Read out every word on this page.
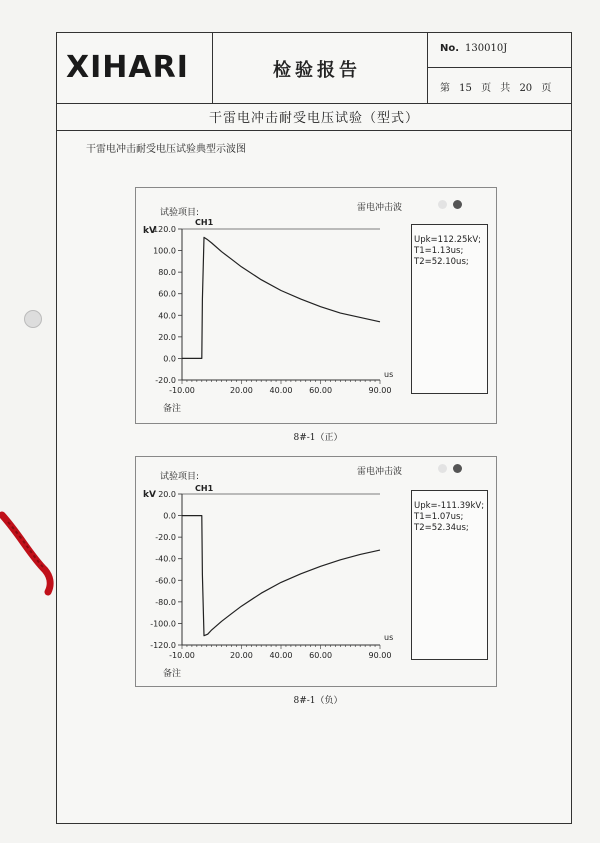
XIHARI	检验报告
No. 130010J
第 15 页 共 20 页
干雷电冲击耐受电压试验（型式）
干雷电冲击耐受电压试验典型示波图
试验项目:	雷电冲击波
CH1
kV
us
备注
Upk=112.25kV;
T1=1.13us;
T2=52.10us;
-20.0
0.0
20.0
40.0
60.0
80.0
100.0
120.0
-10.00	20.00 40.00 60.00	90.00
8#-1（正）
试验项目:	雷电冲击波
CH1
kV
us
备注
Upk=-111.39kV;
T1=1.07us;
T2=52.34us;
-120.0
-100.0
-80.0
-60.0
-40.0
-20.0
0.0
20.0
-10.00	20.00 40.00 60.00	90.00
8#-1（负）
